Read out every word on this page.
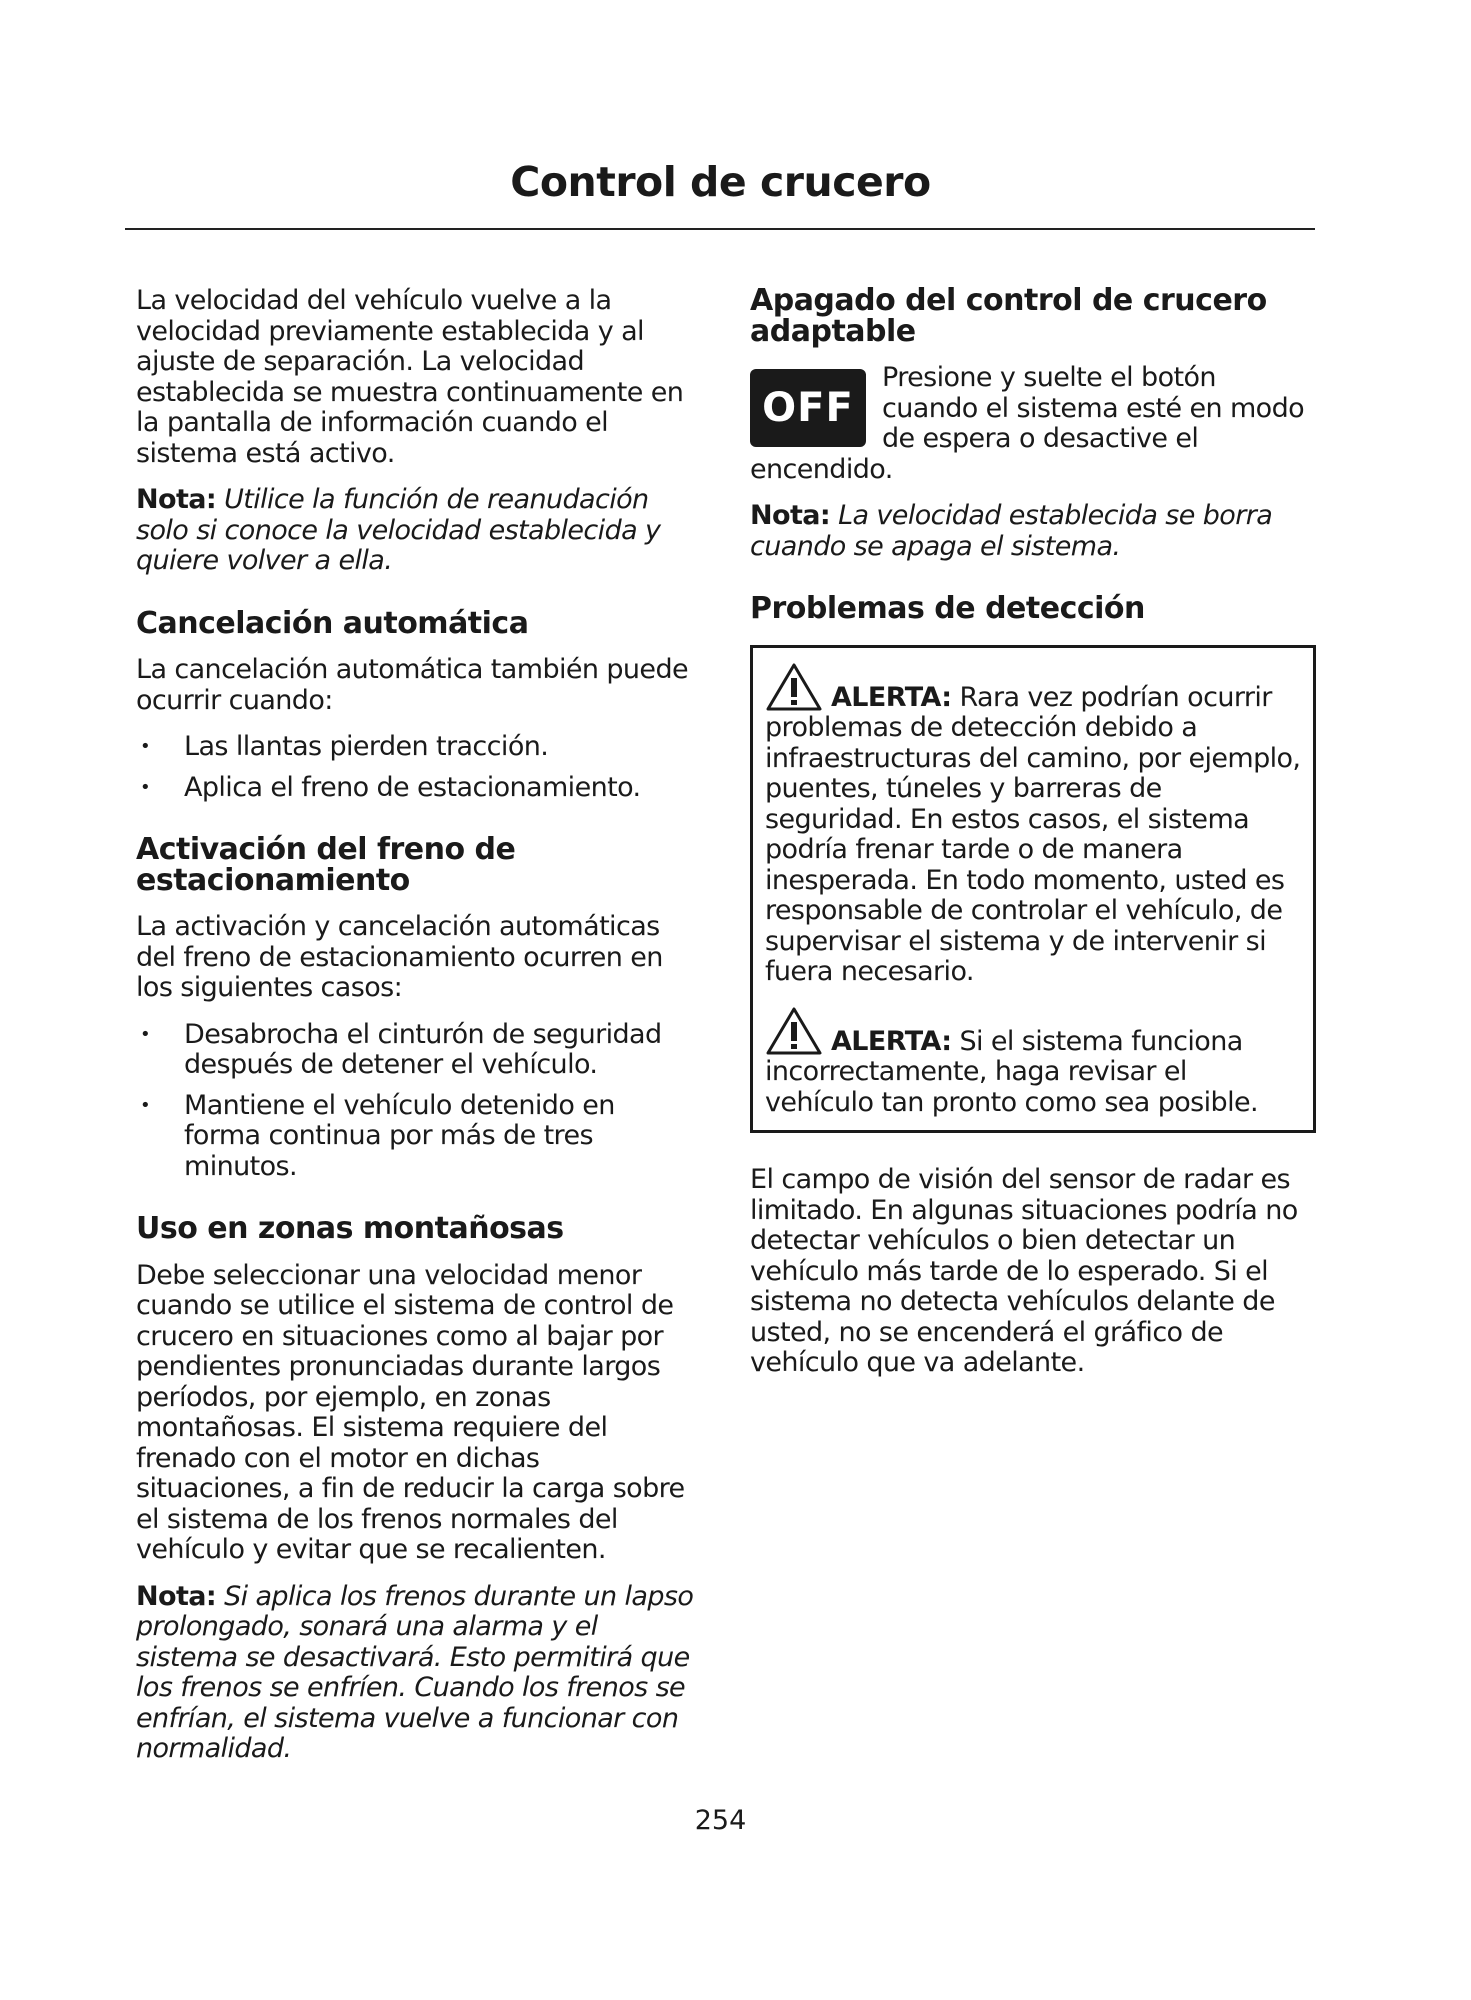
Control de crucero

La velocidad del vehículo vuelve a la velocidad previamente establecida y al ajuste de separación. La velocidad establecida se muestra continuamente en la pantalla de información cuando el sistema está activo.

Nota: Utilice la función de reanudación solo si conoce la velocidad establecida y quiere volver a ella.

Cancelación automática

La cancelación automática también puede ocurrir cuando:

• Las llantas pierden tracción.
• Aplica el freno de estacionamiento.
Activación del freno de estacionamiento

La activación y cancelación automáticas del freno de estacionamiento ocurren en los siguientes casos:

• Desabrocha el cinturón de seguridad después de detener el vehículo.
• Mantiene el vehículo detenido en forma continua por más de tres minutos.
Uso en zonas montañosas

Debe seleccionar una velocidad menor cuando se utilice el sistema de control de crucero en situaciones como al bajar por pendientes pronunciadas durante largos períodos, por ejemplo, en zonas montañosas. El sistema requiere del frenado con el motor en dichas situaciones, a fin de reducir la carga sobre el sistema de los frenos normales del vehículo y evitar que se recalienten.

Nota: Si aplica los frenos durante un lapso prolongado, sonará una alarma y el sistema se desactivará. Esto permitirá que los frenos se enfríen. Cuando los frenos se enfrían, el sistema vuelve a funcionar con normalidad.

Apagado del control de crucero adaptable
OFF

Presione y suelte el botón cuando el sistema esté en modo de espera o desactive el encendido.

Nota: La velocidad establecida se borra cuando se apaga el sistema.

Problemas de detección

ALERTA: Rara vez podrían ocurrir problemas de detección debido a infraestructuras del camino, por ejemplo, puentes, túneles y barreras de seguridad. En estos casos, el sistema podría frenar tarde o de manera inesperada. En todo momento, usted es responsable de controlar el vehículo, de supervisar el sistema y de intervenir si fuera necesario.

ALERTA: Si el sistema funciona incorrectamente, haga revisar el vehículo tan pronto como sea posible.

El campo de visión del sensor de radar es limitado. En algunas situaciones podría no detectar vehículos o bien detectar un vehículo más tarde de lo esperado. Si el sistema no detecta vehículos delante de usted, no se encenderá el gráfico de vehículo que va adelante.

254
